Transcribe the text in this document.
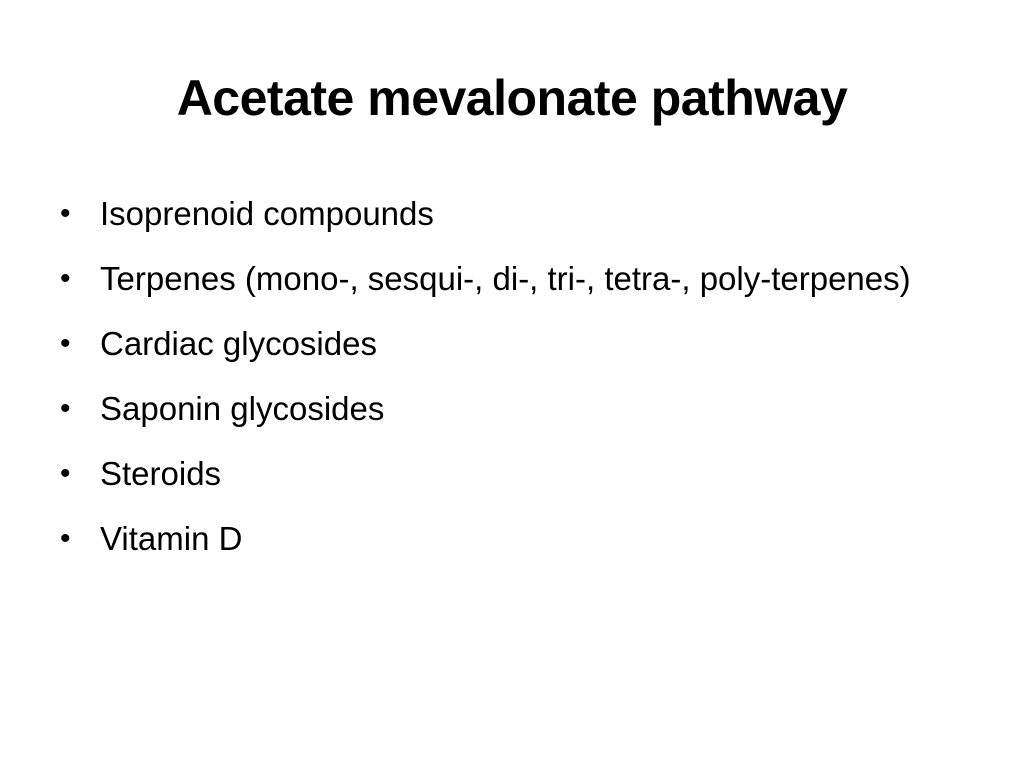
Acetate mevalonate pathway
• Isoprenoid compounds
• Terpenes (mono-, sesqui-, di-, tri-, tetra-, poly-terpenes)
• Cardiac glycosides
• Saponin glycosides
• Steroids
• Vitamin D
